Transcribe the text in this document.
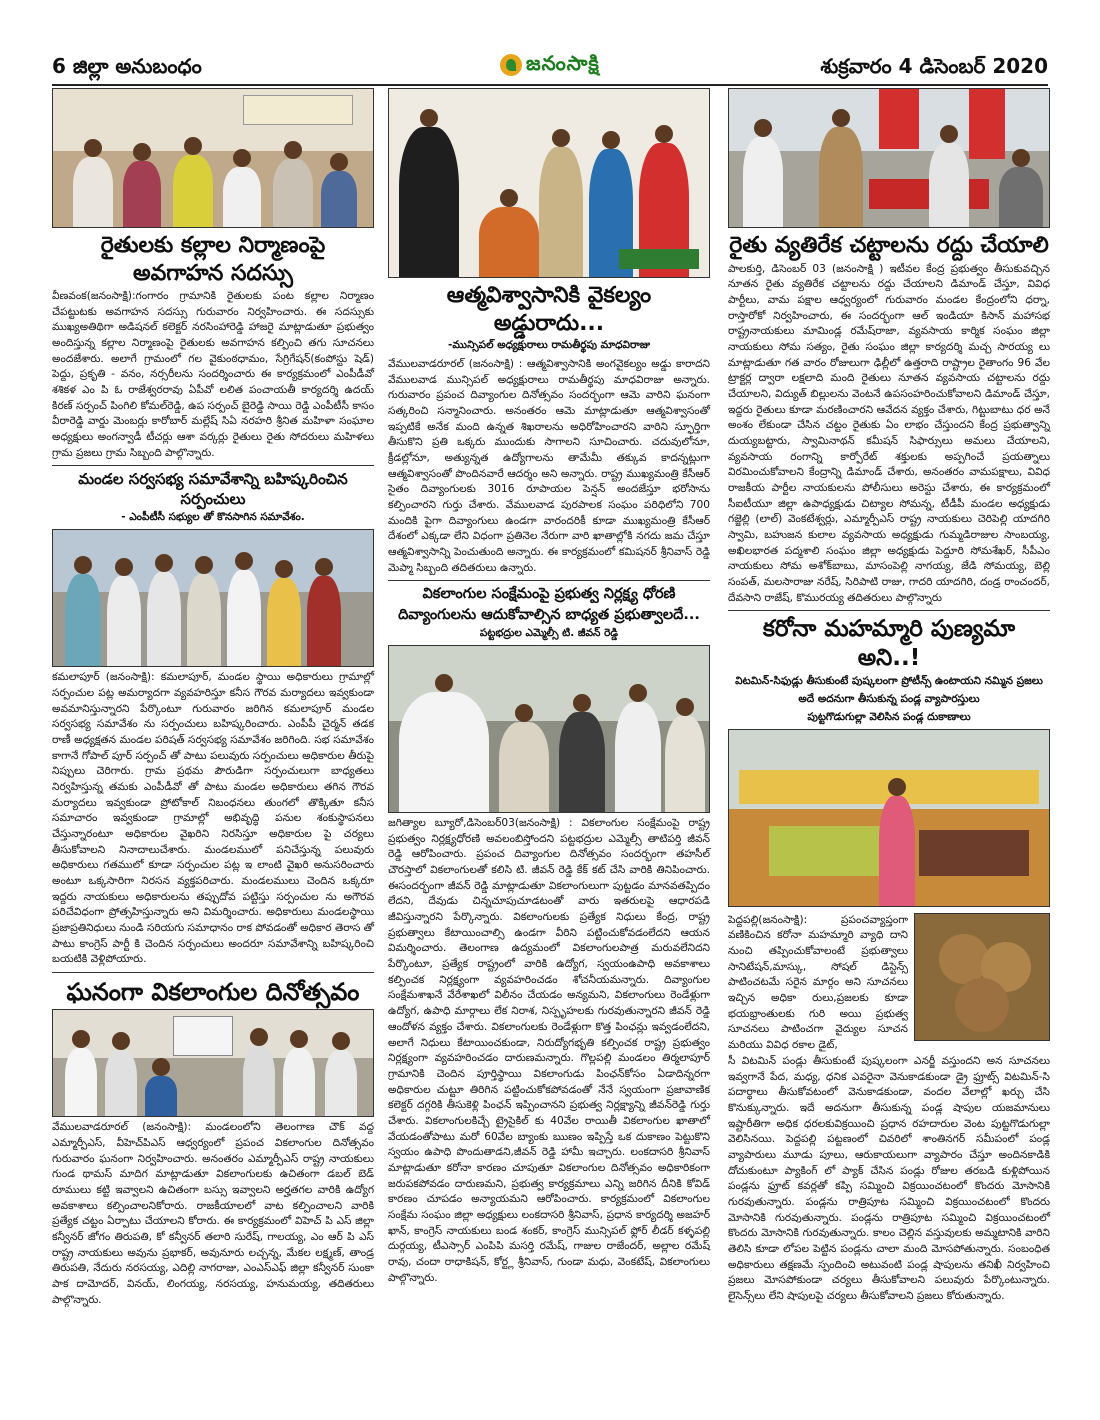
6 జిల్లా అనుబంధం	జనంసాక్షి	శుక్రవారం 4 డిసెంబర్ 2020
రైతులకు కల్లాల నిర్మాణంపై అవగాహన సదస్సు

వీణవంక(జనంసాక్షి):గంగారం గ్రామానికి రైతులకు పంట కల్లాల నిర్మాణం చేపట్టుటకు అవగాహన సదస్సు గురువారం నిర్వహించారు. ఈ సదస్సుకు ముఖ్యఅతిథిగా అడిషనల్ కలెక్టర్ నరసింహారెడ్డి హాజరై మాట్లాడుతూ ప్రభుత్వం అందిస్తున్న కల్లాల నిర్మాణంపై రైతులకు అవగాహన కల్పించి తగు సూచనలు అందజేశారు. అలాగే గ్రామంలో గల వైకుంఠధామం, సేగ్రిగేషన్(కంపోస్టు షెడ్) పెద్దు, ప్రకృతి - వనం, నర్సరీలను సందర్శించారు ఈ కార్యక్రమంలో ఎంపీడీవో శశికళ ఎం పి ఓ రాజేశ్వరరావు ఏపీవో లలిత పంచాయతీ కార్యదర్శి ఉదయ్ కిరణ్ సర్పంచ్ పింగిలి కోమల్‌రెడ్డి, ఉప సర్పంచ్ బైరెడ్డి సాయి రెడ్డి ఎంపీటీసీ కాసం వీరారెడ్డి వార్డు మెంబర్లు కారోబార్ మల్లేష్ సిఏ నరహరి శ్రీనిత మహిళా సంఘాల అధ్యక్షులు అంగన్వాడీ టీచర్లు ఆశా వర్కర్లు రైతులు రైతు సోదరులు మహిళలు గ్రామ ప్రజలు గ్రామ సిబ్బంది పాల్గొన్నారు.

మండల సర్వసభ్య సమావేశాన్ని బహిష్కరించిన సర్పంచులు
- ఎంపీటీసీ సభ్యుల తో కొనసాగిన సమావేశం.

కమలాపూర్ (జనంసాక్షి): కమలాపూర్, మండల స్థాయి అధికారులు గ్రామాల్లో సర్పంచుల పట్ల అమర్యాదగా వ్యవహరిస్తూ కనీస గౌరవ మర్యాదలు ఇవ్వకుండా అవమానిస్తున్నారని పేర్కొంటూ గురువారం జరిగిన కమలాపూర్ మండల సర్వసభ్య సమావేశం ను సర్పంచులు బహిష్కరించారు. ఎంపీపీ చైర్మన్ తడక రాణీ అధ్యక్షతన మండల పరిషత్ సర్వసభ్య సమావేశం జరిగింది. సభ సమావేశం కాగానే గోపాల్ పూర్ సర్పంచ్ తో పాటు పలువురు సర్పంచులు అధికారుల తీరుపై నిప్పులు చెరిగారు. గ్రామ ప్రథమ పౌరుడిగా సర్పంచులుగా బాధ్యతలు నిర్వహిస్తున్న తమకు ఎంపీడీవో తో పాటు మండల అధికారులు తగిన గౌరవ మర్యాదలు ఇవ్వకుండా ప్రోటోకాల్ నిబంధనలు తుంగలో తొక్కితూ కనీస సమాచారం ఇవ్వకుండా గ్రామాల్లో అభివృద్ధి పనుల శంకుస్థాపనలు చేస్తున్నారంటూ అధికారుల వైఖరిని నిరసిస్తూ అధికారుల పై చర్యలు తీసుకోవాలని నినాదాలుచేశారు. మండలములో పనిచేస్తున్న పలువురు అధికారులు గతములో కూడా సర్పంచుల పట్ల ఇ లాంటి వైఖరి అనుసరించారు అంటూ ఒక్కసారిగా నిరసన వ్యక్తపరిచారు. మండలములు చెందిన ఒక్కరూ ఇద్దరు నాయకులు అధికారులను తప్పుదోవ పట్టిస్తు సర్పంచుల ను అగౌరవ పరిచేవిధంగా ప్రోత్సహిస్తున్నారు అని విమర్శించారు. అధికారులు మండలస్థాయి ప్రజాప్రతినిధులు నుండి సరియగు సమాధానం రాక పోవడంతో అధికార తెరాస తో పాటు కాంగ్రెస్ పార్టీ కి చెందిన సర్పంచులు అందరూ సమావేశాన్ని బహిష్కరించి బయటికి వెళ్లిపోయారు.

ఘనంగా వికలాంగుల దినోత్సవం

వేములవాడరూరల్ (జనంసాక్షి): మండలంలోని తెలంగాణ చౌక్ వద్ద ఎమ్మార్పీఎస్, వీహెచ్‌పిఎస్ ఆధ్వర్యంలో ప్రపంచ వికలాంగుల దినోత్సవం గురువారం ఘనంగా నిర్వహించారు. అనంతరం ఎమ్మార్పీఎస్ రాష్ట్ర నాయకులు గుండ థామస్ మాదిగ మాట్లాడుతూ వికలాంగులకు ఉచితంగా డబల్ బెడ్ రూములు కట్టి ఇవ్వాలని ఉచితంగా బస్సు ఇవ్వాలని అర్హతగల వారికి ఉద్యోగ అవకాశాలు కల్పించాలనికోరారు. రాజకీయాలలో వాట కల్పించాలని వారికి ప్రత్యేక చట్టం ఏర్పాటు చేయాలని కోరారు. ఈ కార్యక్రమంలో విహెచ్ పి ఎస్ జిల్లా కన్వీనర్ జోగం తిరుపతి, కో కన్వీనర్ తలారి సురేష్, గాలయ్య, ఎం ఆర్ పి ఎస్ రాష్ట్ర నాయకులు అవును ప్రభాకర్, అవునూరు లచ్చన్న, మేకల లక్ష్మణ్, తాండ్ర తిరుపతి, నేదురు నరసయ్య, ఎదిల్లి నాగరాజు, ఎంఎస్ఎఫ్ జిల్లా కన్వీనర్ సుంకా పాక దామోదర్, వినయ్, లింగయ్య, నరసయ్య, హనుమయ్య, తదితరులు పాల్గొన్నారు.

ఆత్మవిశ్వాసానికి వైకల్యం అడ్డురాదు...
-మున్సిపల్ అధ్యక్షురాలు రామతీర్థపు మాధవిరాజు

వేములవాడరూరల్ (జనంసాక్షి) : ఆత్మవిశ్వాసానికి అంగవైకల్యం అడ్డు కారాదని వేములవాడ మున్సిపల్ అధ్యక్షురాలు రామతీర్థపు మాధవిరాజు అన్నారు. గురువారం ప్రపంచ దివ్యాంగుల దినోత్సవం సందర్భంగా ఆమె వారిని ఘనంగా సత్కరించి సన్మానించారు. అనంతరం ఆమె మాట్లాడుతూ ఆత్మవిశ్వాసంతో ఇప్పటికే అనేక మంది ఉన్నత శిఖరాలను అధిరోహించారని వారిని స్ఫూర్తిగా తీసుకొని ప్రతి ఒక్కరు ముందుకు సాగాలని సూచించారు. చదువులోనూ, క్రీడల్లోనూ, అత్యున్నత ఉద్యోగాలను తామేమీ తక్కువ కాదన్నట్లుగా ఆత్మవిశ్వాసంతో పొందినవారే ఆదర్శం అని అన్నారు. రాష్ట్ర ముఖ్యమంత్రి కేసీఆర్ సైతం దివ్యాంగులకు 3016 రూపాయల పెన్షన్ అందజేస్తూ భరోసాను కల్పించారని గుర్తు చేశారు. వేములవాడ పురపాలక సంఘం పరిధిలోని 700 మందికి పైగా దివ్యాంగులు ఉండగా వారందరికీ కూడా ముఖ్యమంత్రి కేసీఆర్ దేశంలో ఎక్కడా లేని విధంగా ప్రతినెల నేరుగా వారి ఖాతాల్లోకి నగదు జమ చేస్తూ ఆత్మవిశ్వాసాన్ని పెంచుతుంది అన్నారు. ఈ కార్యక్రమంలో కమిషనర్ శ్రీనివాస్ రెడ్డి మెప్మా సిబ్బంది తదితరులు ఉన్నారు.

వికలాంగుల సంక్షేమంపై ప్రభుత్వ నిర్లక్ష్య ధోరణి
దివ్యాంగులను ఆదుకోవాల్సిన బాధ్యత ప్రభుత్వాలదే...
పట్టభద్రుల ఎమ్మెల్సీ టి. జీవన్ రెడ్డి

జగిత్యాల బ్యూరో,డిసెంబర్03(జనంసాక్షి) : వికలాంగుల సంక్షేమంపై రాష్ట్ర ప్రభుత్వం నిర్లక్ష్యధోరణి అవలంబిస్తోందని పట్టభద్రుల ఎమ్మెల్సీ తాటిపర్తి జీవన్ రెడ్డి ఆరోపించారు. ప్రపంచ దివ్యాంగుల దినోత్సవం సందర్భంగా తహసీల్ చౌరస్తాలో వికలాంగులతో కలిసి టి. జీవన్ రెడ్డి కేక్ కట్ చేసి వారికి తినిపించారు. ఈసందర్భంగా జీవన్ రెడ్డి మాట్లాడుతూ వికలాంగులుగా పుట్టడం మానవతప్పిదం లేదని, దేవుడు చిన్నచూపుచూడటంతో వారు ఇతరులపై ఆధారపడి జీవిస్తున్నారని పేర్కొన్నారు. వికలాంగులకు ప్రత్యేక నిధులు కేంద్ర, రాష్ట్ర ప్రభుత్వాలు కేటాయించాల్సి ఉండగా వీరిని పట్టించుకోవడంలేదని ఆయన విమర్శించారు. తెలంగాణ ఉద్యమంలో వికలాంగులపాత్ర మరువలేనిదని పేర్కొంటూ, ప్రత్యేక రాష్ట్రంలో వారికి ఉద్యోగ, స్వయంఉపాధి అవకాశాలు కల్పించక నిర్లక్ష్యంగా వ్యవహరించడం శోచనీయమన్నారు. దివ్యాంగుల సంక్షేమశాఖనే వేరేశాఖలో విలీనం చేయడం అన్యమని, వికలాంగులు రెండేళ్లుగా ఉద్యోగ, ఉపాధి మార్గాలు లేక నిరాశ, నిస్పృహలకు గురవుతున్నారని జీవన్ రెడ్డి ఆందోళన వ్యక్తం చేశారు. వికలాంగులకు రెండేళ్లుగా కొత్త పింఛన్లు ఇవ్వడంలేదని, అలాగే నిధులు కేటాయించకుండా, నిరుద్యోగభృతి కల్పించక రాష్ట్ర ప్రభుత్వం నిర్లక్ష్యంగా వ్యవహరించడం దారుణమన్నారు. గొల్లపల్లి మండలం తిర్మలాపూర్ గ్రామానికి చెందిన పూర్తిస్థాయి వికలాంగుడు పింఛన్‌కోసం ఏడాదిన్నరగా అధికారుల చుట్టూ తిరిగిన పట్టించుకోకపోవడంతో నేనే స్వయంగా ప్రజావాణిక కలెక్టర్ దగ్గరికి తీసుకెళ్లి పింఛన్ ఇప్పించానని ప్రభుత్వ నిర్లక్ష్యాన్ని జీవన్‌రెడ్డి గుర్తు చేశారు. వికలాంగులకిచ్చే ట్రైసైకిల్ కు 40వేల రాయితీ వికలాంగుల ఖాతాలో వేయడంతోపాటు మరో 60వేల బ్యాంకు ఋణం ఇప్పిస్తే ఒక దుకాణం పెట్టుకొని స్వయం ఉపాధి పొందుతాడని,జీవన్ రెడ్డి హామీ ఇచ్చారు. లంకదాసరి శ్రీనివాస్ మాట్లాడుతూ కరోనా కారణం చూపుతూ వికలాంగుల దినోత్సవం అధికారికంగా జరుపకపోవడం దారుణమని, ప్రభుత్వ కార్యక్రమాలు ఎన్ని జరిగిన దీనికి కోవిడ్ కారణం చూపడం అన్యాయమని ఆరోపించారు. కార్యక్రమంలో వికలాంగుల సంక్షేమ సంఘం జిల్లా అధ్యక్షులు లంకదాసరి శ్రీనివాస్, ప్రధాన కార్యదర్శి అజహర్ ఖాన్, కాంగ్రెస్ నాయకులు బండ శంకర్, కాంగ్రెస్ మున్సిపల్ ఫ్లోర్ లీడర్ కళ్ళపల్లి దుర్గయ్య, టీఎస్సార్ ఎంపిపి మసర్తి రమేష్, గాజుల రాజేందర్, అల్లాల రమేష్ రావు, చందా రాధాకిషన్, కోర్ట్ల శ్రీనివాస్, గుండా మధు, వెంకటేష్, వికలాంగులు పాల్గొన్నారు.

రైతు వ్యతిరేక చట్టాలను రద్దు చేయాలి

పాలకుర్తి, డిసెంబర్ 03 (జనంసాక్షి ) ఇటీవల కేంద్ర ప్రభుత్వం తీసుకువచ్చిన నూతన రైతు వ్యతిరేక చట్టాలను రద్దు చేయాలని డిమాండ్ చేస్తూ, వివిధ పార్టీలు, వామ పక్షాల ఆధ్వర్యంలో గురువారం మండల కేంద్రంలోని ధర్నా, రాస్తారోకో నిర్వహించారు, ఈ సందర్భంగా ఆల్ ఇండియా కిసాన్ మహాసభ రాష్ట్రనాయకులు మామిండ్ల రమేష్‌రాజా, వ్యవసాయ కార్మిక సంఘం జిల్లా నాయకులు సోమ సత్యం, రైతు సంఘం జిల్లా కార్యదర్శి మచ్చ సారయ్య లు మాట్లాడుతూ గత వారం రోజులుగా ఢిల్లీలో ఉత్తరాది రాష్ట్రాల రైతాంగం 96 వేల ట్రాక్టర్ల ద్వారా లక్షలాది మంది రైతులు నూతన వ్యవసాయ చట్టాలను రద్దు చేయాలని, విద్యుత్ బిల్లులను వెంటనే ఉపసంహరించుకోవాలని డిమాండ్ చేస్తూ, ఇద్దరు రైతులు కూడా మరణించారని ఆవేదన వ్యక్తం చేశారు, గిట్టుబాటు ధర అనే అంశం లేకుండా చేసిన చట్టం రైతుకు ఏం లాభం చేస్తుందని కేంద్ర ప్రభుత్వాన్ని దుయ్యబట్టారు, స్వామినాథన్ కమీషన్ సిఫార్సులు అమలు చేయాలని, వ్యవసాయ రంగాన్ని కార్పోరేట్ శక్తులకు అప్పగించే ప్రయత్నాలు విరమించుకోవాలని కేంద్రాన్ని డిమాండ్ చేశారు, అనంతరం వామపక్షాలు, వివిధ రాజకీయ పార్టీల నాయకులను పోలీసులు అరెస్టు చేశారు, ఈ కార్యక్రమంలో సీఐటీయూ జిల్లా ఉపాధ్యక్షుడు చిట్యాల సోమన్న, టీడీపీ మండల అధ్యక్షుడు గజ్జెల్లి (లాల్) వెంకటేశ్వర్లు, ఎమ్మార్పీఎస్ రాష్ట్ర నాయకులు చెరిపెల్లి యాదగిరి స్వామి, బహుజన కులాల వ్యవసాయ అధ్యక్షుడు గుమ్మడిరాజుల సాంబయ్య, అఖిలభారత పద్మశాలి సంఘం జిల్లా అధ్యక్షుడు పెద్దూరి సోమశేఖర్, సీపీఎం నాయకులు సోమ అశోక్‌బాబు, మాసంపెల్లి నాగయ్య, జేడి సోమయ్య, బెల్లి సంపత్, మలసారాజు నరేష్, సిరిపాటి రాజు, గాదరి యాదగిరి, దండ్ర రాంచందర్, దేవసాని రాజేష్, కొమురయ్య తదితరులు పాల్గొన్నారు

కరోనా మహమ్మారి పుణ్యమా అని..!
విటమిన్-సిఫుడ్లు తీసుకుంటే పుష్కలంగా ప్రోటీన్స్ ఉంటాయని నమ్మిన ప్రజలు
అదే అదనుగా తీసుకున్న పండ్ల వ్యాపారస్తులు
పుట్టగొడుగుల్లా వెలిసిన పండ్ల దుకాణాలు

పెద్దపల్లి(జనంసాక్షి): ప్రపంచవ్యాప్తంగా వణికించిన కరోనా మహమ్మారి వ్యాధి దాని నుంచి తప్పించుకోవాలంటే ప్రభుత్వాలు సానిటేషన్,మాస్కు, సోషల్ డిస్టెన్స్ పాటించటమే సరైన మార్గం అని సూచనలు ఇచ్చిన అధికా రులు,ప్రజలకు కూడా భయభ్రాంతులకు గురి అయి ప్రభుత్వ సూచనలు పాటించగా వైద్యుల సూచన మరియు వివిధ రకాల డైట్,

సీ విటమిన్ పండ్లు తీసుకుంటే పుష్కలంగా ఎనర్జీ వస్తుందని అన సూచనలు ఇవ్వగానే పేద, మధ్య, ధనిక ఎవరైనా వెనుకాడకుండా డ్రై ఫ్రూట్స్ విటమిన్-సి పదార్థాలు తీసుకోవటంలో వెనుకాడకుండా, వందల వేలాల్లో ఖర్చు చేసి కొనుక్కున్నారు. ఇదే అదనుగా తీసుకున్న పండ్ల షాపుల యజమానులు ఇష్టారీతిగా అధిక ధరలకువిక్రయించి ప్రధాన రహదారుల వెంట పుట్టగొడుగుల్లా వెలిసినయి. పెద్దపల్లి పట్టణంలో చివరిలో శాంతినగర్ సమీపంలో పండ్ల వ్యాపారులు మూడు పూలు, ఆరుకాయలుగా వ్యాపారం చేస్తూ అందినకాడికి దోచుకుంటూ ప్యాకింగ్ లో ప్యాక్ చేసిన పండ్లు రోజుల తరబడి కుళ్లిపోయిన పండ్లను ఫ్రూట్ కవర్లతో కప్పి సమ్మించి విక్రయించటంలో కొందరు మోసానికి గురవుతున్నారు. పండ్లను రాత్రిపూట సమ్మించి విక్రయించటంలో కొందరు మోసానికి గురవుతున్నారు. పండ్లను రాత్రిపూట సమ్మించి విక్రయించటంలో కొందరు మోసానికి గురవుతున్నారు. కాలం చెల్లిన వస్తువులకు అమ్మటానికి వారిని తెలిసి కూడా లోపల పెట్టిన పండ్లను చాలా మంది మోసపోతున్నారు. సంబంధిత అధికారులు తక్షణమే స్పందించి అటువంటి పండ్ల షాపులను తనిఖీ నిర్వహించి ప్రజలు మోసపోకుండా చర్యలు తీసుకోవాలని పలువురు పేర్కొంటున్నారు. లైసెన్స్‌లు లేని షాపులపై చర్యలు తీసుకోవాలని ప్రజలు కోరుతున్నారు.
